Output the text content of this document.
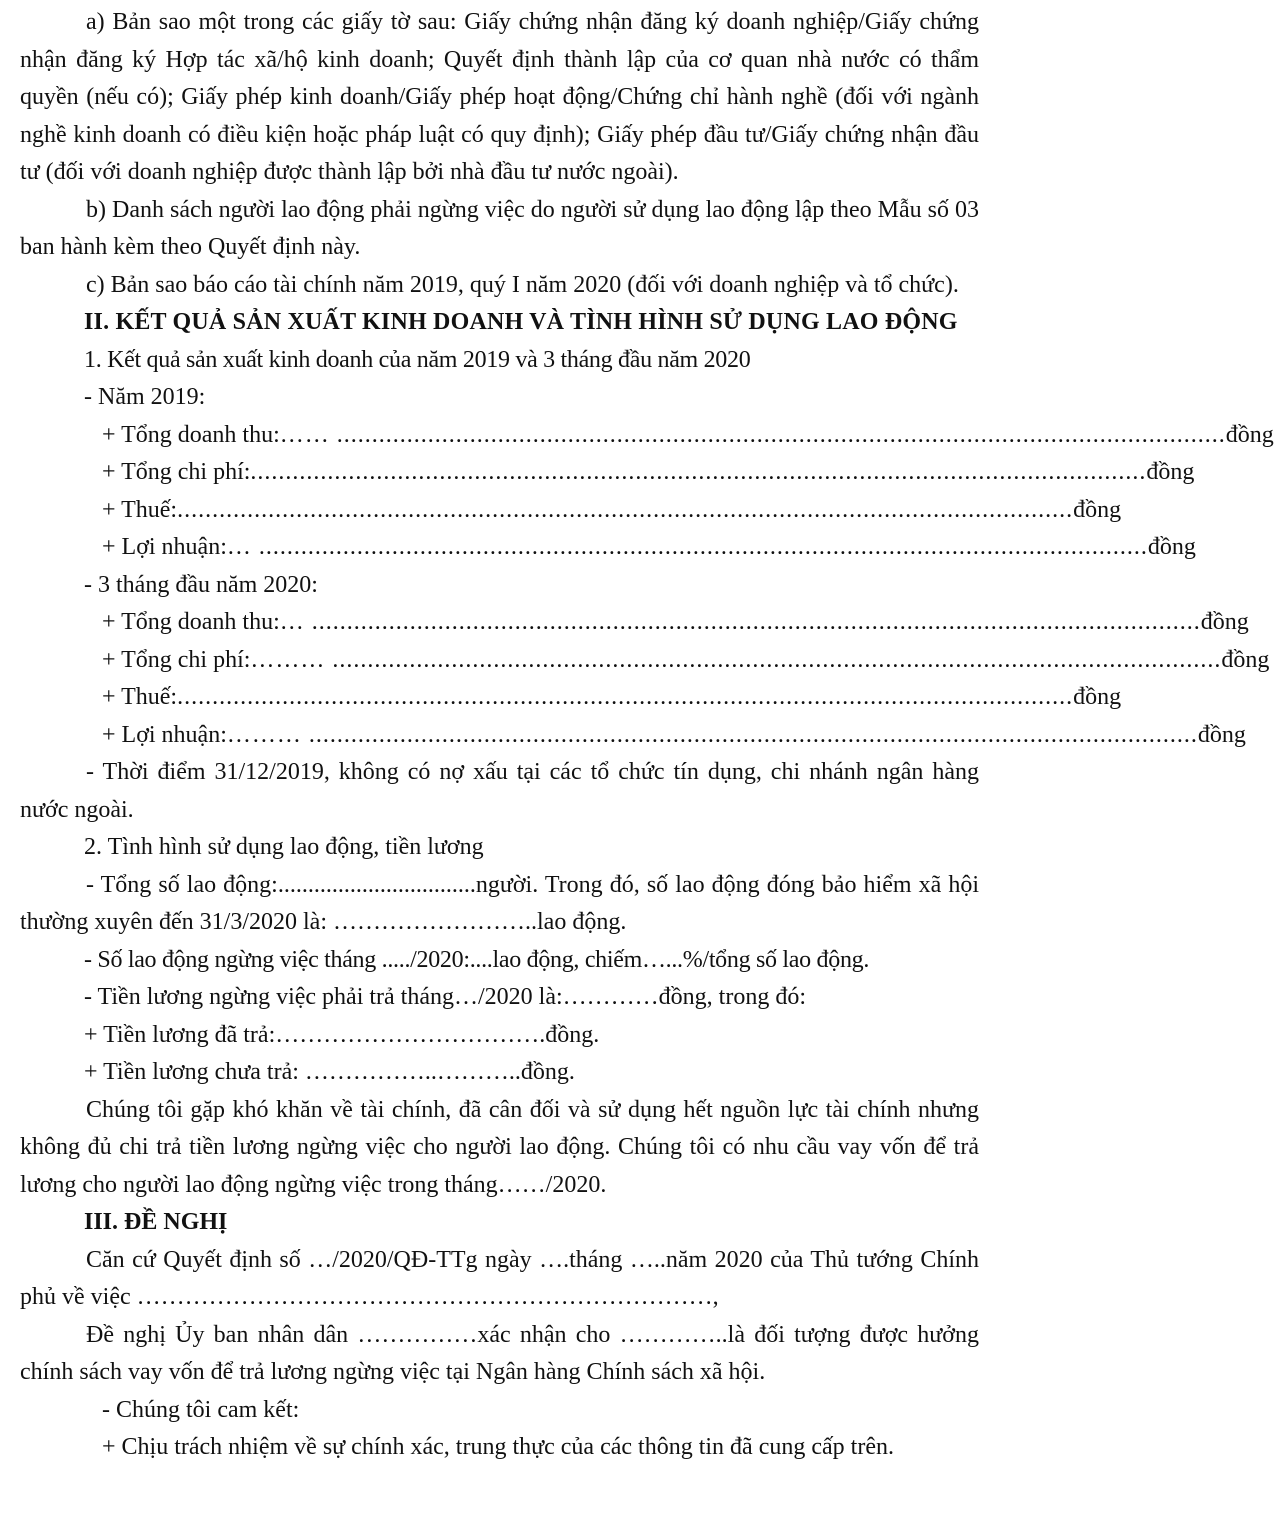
a) Bản sao một trong các giấy tờ sau: Giấy chứng nhận đăng ký doanh nghiệp/Giấy chứng nhận đăng ký Hợp tác xã/hộ kinh doanh; Quyết định thành lập của cơ quan nhà nước có thẩm quyền (nếu có); Giấy phép kinh doanh/Giấy phép hoạt động/Chứng chỉ hành nghề (đối với ngành nghề kinh doanh có điều kiện hoặc pháp luật có quy định); Giấy phép đầu tư/Giấy chứng nhận đầu tư (đối với doanh nghiệp được thành lập bởi nhà đầu tư nước ngoài).

b) Danh sách người lao động phải ngừng việc do người sử dụng lao động lập theo Mẫu số 03 ban hành kèm theo Quyết định này.

c) Bản sao báo cáo tài chính năm 2019, quý I năm 2020 (đối với doanh nghiệp và tổ chức).

II. KẾT QUẢ SẢN XUẤT KINH DOANH VÀ TÌNH HÌNH SỬ DỤNG LAO ĐỘNG

1. Kết quả sản xuất kinh doanh của năm 2019 và 3 tháng đầu năm 2020

- Năm 2019:

+ Tổng doanh thu: …… ............................................................................................................................... đồng
+ Tổng chi phí: ................................................................................................................................ đồng
+ Thuế: ................................................................................................................................ đồng
+ Lợi nhuận: … ............................................................................................................................... đồng

- 3 tháng đầu năm 2020:

+ Tổng doanh thu: … ............................................................................................................................... đồng
+ Tổng chi phí: ……… ............................................................................................................................... đồng
+ Thuế: ................................................................................................................................ đồng
+ Lợi nhuận: ……… ............................................................................................................................... đồng

- Thời điểm 31/12/2019, không có nợ xấu tại các tổ chức tín dụng, chi nhánh ngân hàng nước ngoài.

2. Tình hình sử dụng lao động, tiền lương

- Tổng số lao động:.................................người. Trong đó, số lao động đóng bảo hiểm xã hội thường xuyên đến 31/3/2020 là: ……………………..lao động.

- Số lao động ngừng việc tháng ...../2020:....lao động, chiếm…...%/tổng số lao động.

- Tiền lương ngừng việc phải trả tháng…/2020 là:…………đồng, trong đó:

+ Tiền lương đã trả:…………………………….đồng.

+ Tiền lương chưa trả: ……………..………..đồng.

Chúng tôi gặp khó khăn về tài chính, đã cân đối và sử dụng hết nguồn lực tài chính nhưng không đủ chi trả tiền lương ngừng việc cho người lao động. Chúng tôi có nhu cầu vay vốn để trả lương cho người lao động ngừng việc trong tháng……/2020.

III. ĐỀ NGHỊ

Căn cứ Quyết định số …/2020/QĐ-TTg ngày ….tháng …..năm 2020 của Thủ tướng Chính phủ về việc ………………………………………………………………,

Đề nghị Ủy ban nhân dân ……………xác nhận cho …………..là đối tượng được hưởng chính sách vay vốn để trả lương ngừng việc tại Ngân hàng Chính sách xã hội.

- Chúng tôi cam kết:

+ Chịu trách nhiệm về sự chính xác, trung thực của các thông tin đã cung cấp trên.
